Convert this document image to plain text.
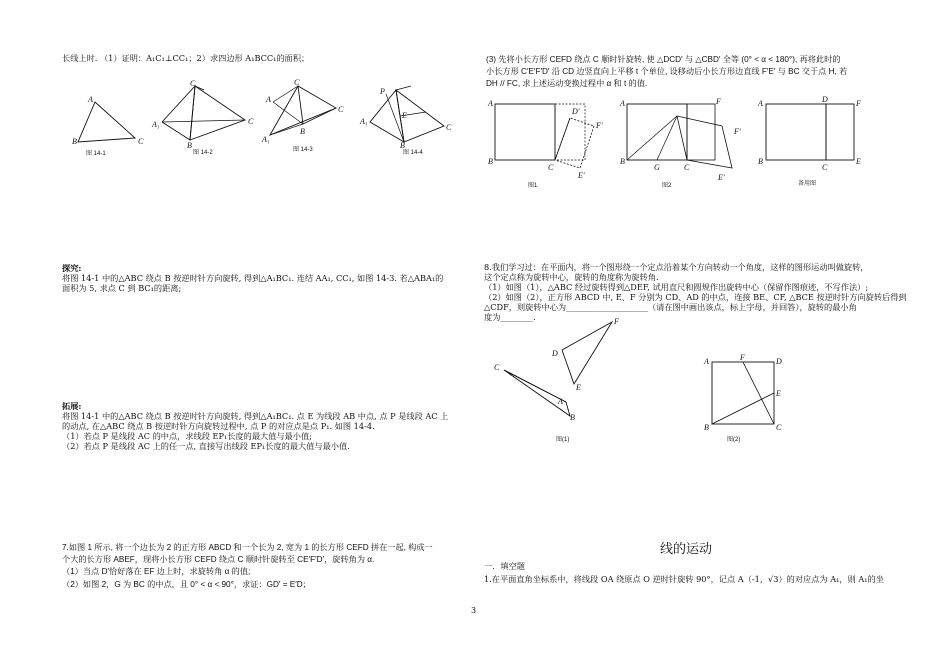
长线上时. （1）证明：A₁C₁⊥CC₁；2）求四边形 A₁BCC₁的面积；
A
B	C
图 14-1
C
A₁
B
C
图 14-2
C
A
A₁
B
C
图 14-3
P
A₁
E
B
C
图 14-4
探究:
将图 14-1 中的△ABC 绕点 B 按逆时针方向旋转, 得到△A₁BC₁. 连结 AA₁, CC₁, 如图 14-3. 若△ABA₁的
面积为 5, 求点 C 到 BC₁的距离;
拓展:
将图 14-1 中的△ABC 绕点 B 按逆时针方向旋转, 得到△A₁BC₁. 点 E 为线段 AB 中点, 点 P 是线段 AC 上
的动点, 在△ABC 绕点 B 按逆时针方向旋转过程中, 点 P 的对应点是点 P₁. 如图 14-4.
（1）若点 P 是线段 AC 的中点，求线段 EP₁长度的最大值与最小值;
（2）若点 P 是线段 AC 上的任一点, 直接写出线段 EP₁长度的最大值与最小值.
7.如图 1 所示, 将一个边长为 2 的正方形 ABCD 和一个长为 2, 宽为 1 的长方形 CEFD 拼在一起, 构成一
个大的长方形 ABEF，现将小长方形 CEFD 绕点 C 顺时针旋转至 CE′F′D′，旋转角为 α.
（1）当点 D′恰好落在 EF 边上时，求旋转角 α 的值;
（2）如图 2，G 为 BC 的中点，且 0° < α < 90°，求证：GD′ = E′D；
(3) 先将小长方形 CEFD 绕点 C 顺时针旋转, 使 △DCD′ 与 △CBD′ 全等 (0° < α < 180°), 再将此时的
小长方形 C′E′F′D′ 沿 CD 边竖直向上平移 t 个单位, 设移动后小长方形边直线 F′E′ 与 BC 交于点 H, 若
DH // FC, 求上述运动变换过程中 α 和 t 的值.
A
B
C
D′
F′
E′
图1
A
B
G	C
F
F′
E′
图2
A
B
C
D	F
E
备用图
8.我们学习过：在平面内，将一个图形绕一个定点沿着某个方向转动一个角度，这样的图形运动叫做旋转，
这个定点称为旋转中心，旋转的角度称为旋转角.
（1）如图（1），△ABC 经过旋转得到△DEF, 试用直尺和圆规作出旋转中心（保留作图痕迹，不写作法）;
（2）如图（2），正方形 ABCD 中, E、F 分别为 CD、AD 的中点，连接 BE、CF, △BCE 按逆时针方向旋转后得到
△CDF，则旋转中心为____________________（请在图中画出该点，标上字母，并回答），旋转的最小角
度为________.
C
A
B
D
F
E
图(1)
A	F	D
E
B	C
图(2)
线的运动
一．填空题
1.在平面直角坐标系中，将线段 OA 绕原点 O 逆时针旋转 90°，记点 A（-1，√3）的对应点为 A₁，则 A₁的坐
3
